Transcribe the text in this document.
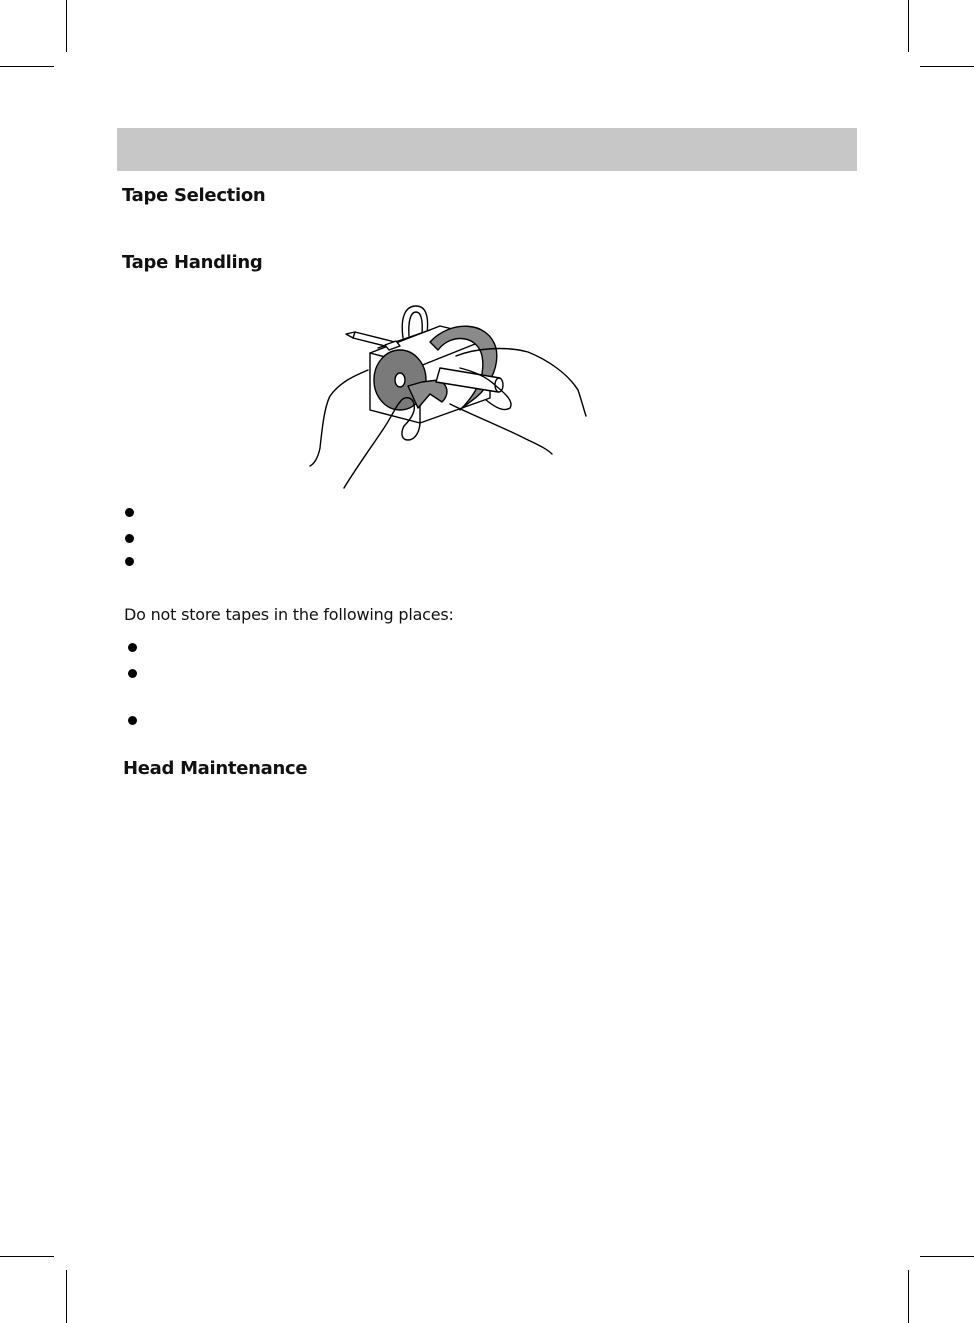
Tape Selection
Tape Handling

Do not store tapes in the following places:

Head Maintenance
